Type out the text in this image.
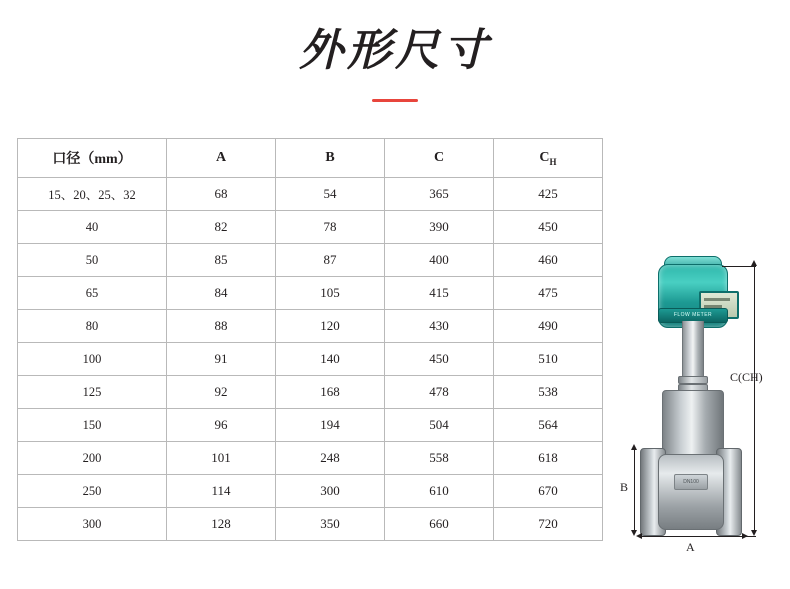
外形尺寸
口径（mm）	A	B	C	$C_H$
15、20、25、32	68	54	365	425
40	82	78	390	450
50	85	87	400	460
65	84	105	415	475
80	88	120	430	490
100	91	140	450	510
125	92	168	478	538
150	96	194	504	564
200	101	248	558	618
250	114	300	610	670
300	128	350	660	720
FLOW METER
DN100
C(CH)
B
A
